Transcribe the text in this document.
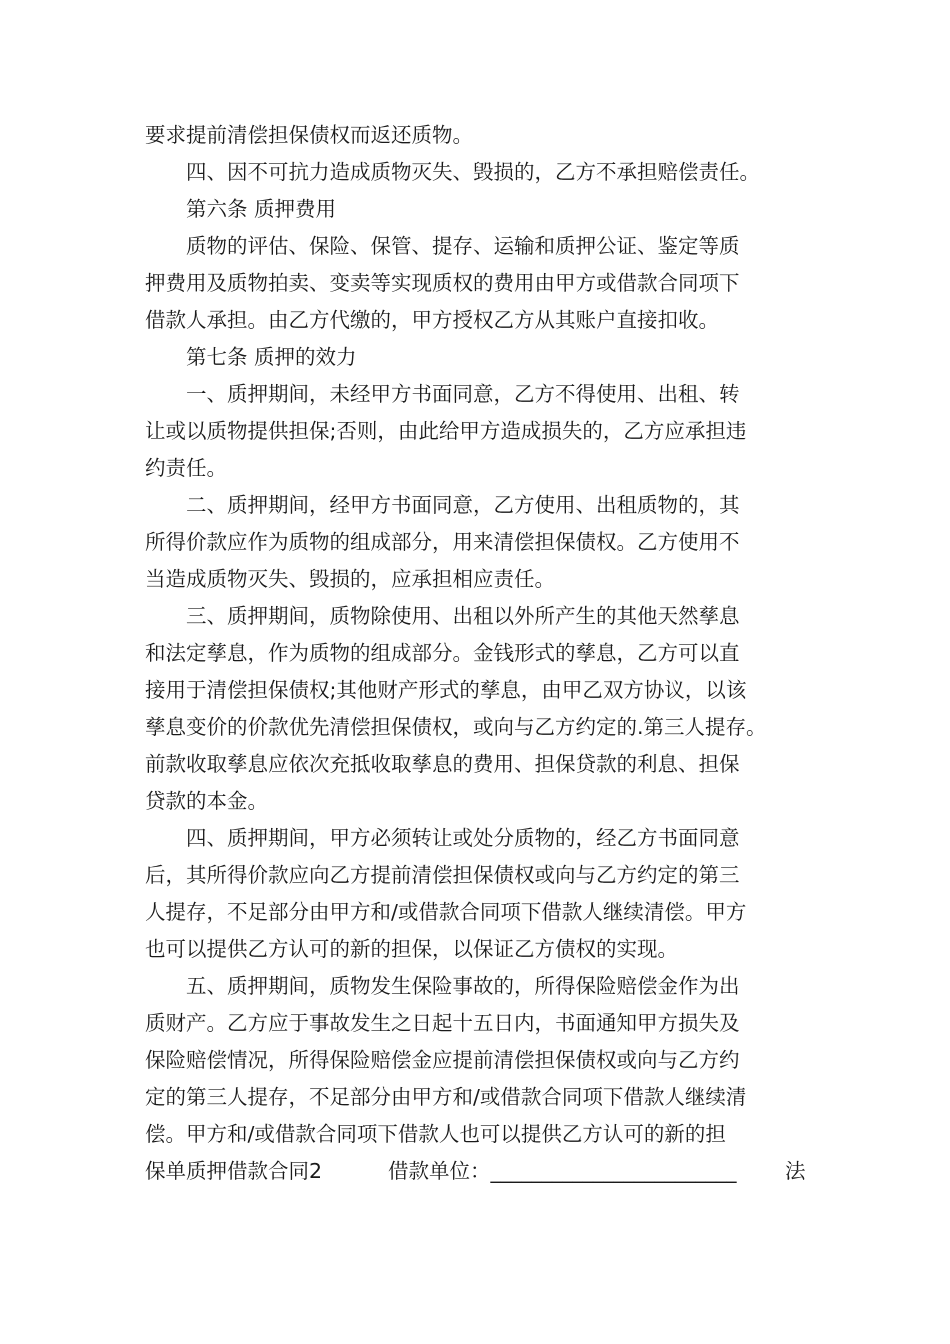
要求提前清偿担保债权而返还质物。
　　四、因不可抗力造成质物灭失、毁损的，乙方不承担赔偿责任。
　　第六条 质押费用
　　质物的评估、保险、保管、提存、运输和质押公证、鉴定等质
押费用及质物拍卖、变卖等实现质权的费用由甲方或借款合同项下
借款人承担。由乙方代缴的，甲方授权乙方从其账户直接扣收。
　　第七条 质押的效力
　　一、质押期间，未经甲方书面同意，乙方不得使用、出租、转
让或以质物提供担保;否则，由此给甲方造成损失的，乙方应承担违
约责任。
　　二、质押期间，经甲方书面同意，乙方使用、出租质物的，其
所得价款应作为质物的组成部分，用来清偿担保债权。乙方使用不
当造成质物灭失、毁损的，应承担相应责任。
　　三、质押期间，质物除使用、出租以外所产生的其他天然孳息
和法定孳息，作为质物的组成部分。金钱形式的孳息，乙方可以直
接用于清偿担保债权;其他财产形式的孳息，由甲乙双方协议，以该
孳息变价的价款优先清偿担保债权，或向与乙方约定的.第三人提存。
前款收取孳息应依次充抵收取孳息的费用、担保贷款的利息、担保
贷款的本金。
　　四、质押期间，甲方必须转让或处分质物的，经乙方书面同意
后，其所得价款应向乙方提前清偿担保债权或向与乙方约定的第三
人提存，不足部分由甲方和/或借款合同项下借款人继续清偿。甲方
也可以提供乙方认可的新的担保，以保证乙方债权的实现。
　　五、质押期间，质物发生保险事故的，所得保险赔偿金作为出
质财产。乙方应于事故发生之日起十五日内，书面通知甲方损失及
保险赔偿情况，所得保险赔偿金应提前清偿担保债权或向与乙方约
定的第三人提存，不足部分由甲方和/或借款合同项下借款人继续清
偿。甲方和/或借款合同项下借款人也可以提供乙方认可的新的担
保单质押借款合同2	借款单位：________________________ 法
